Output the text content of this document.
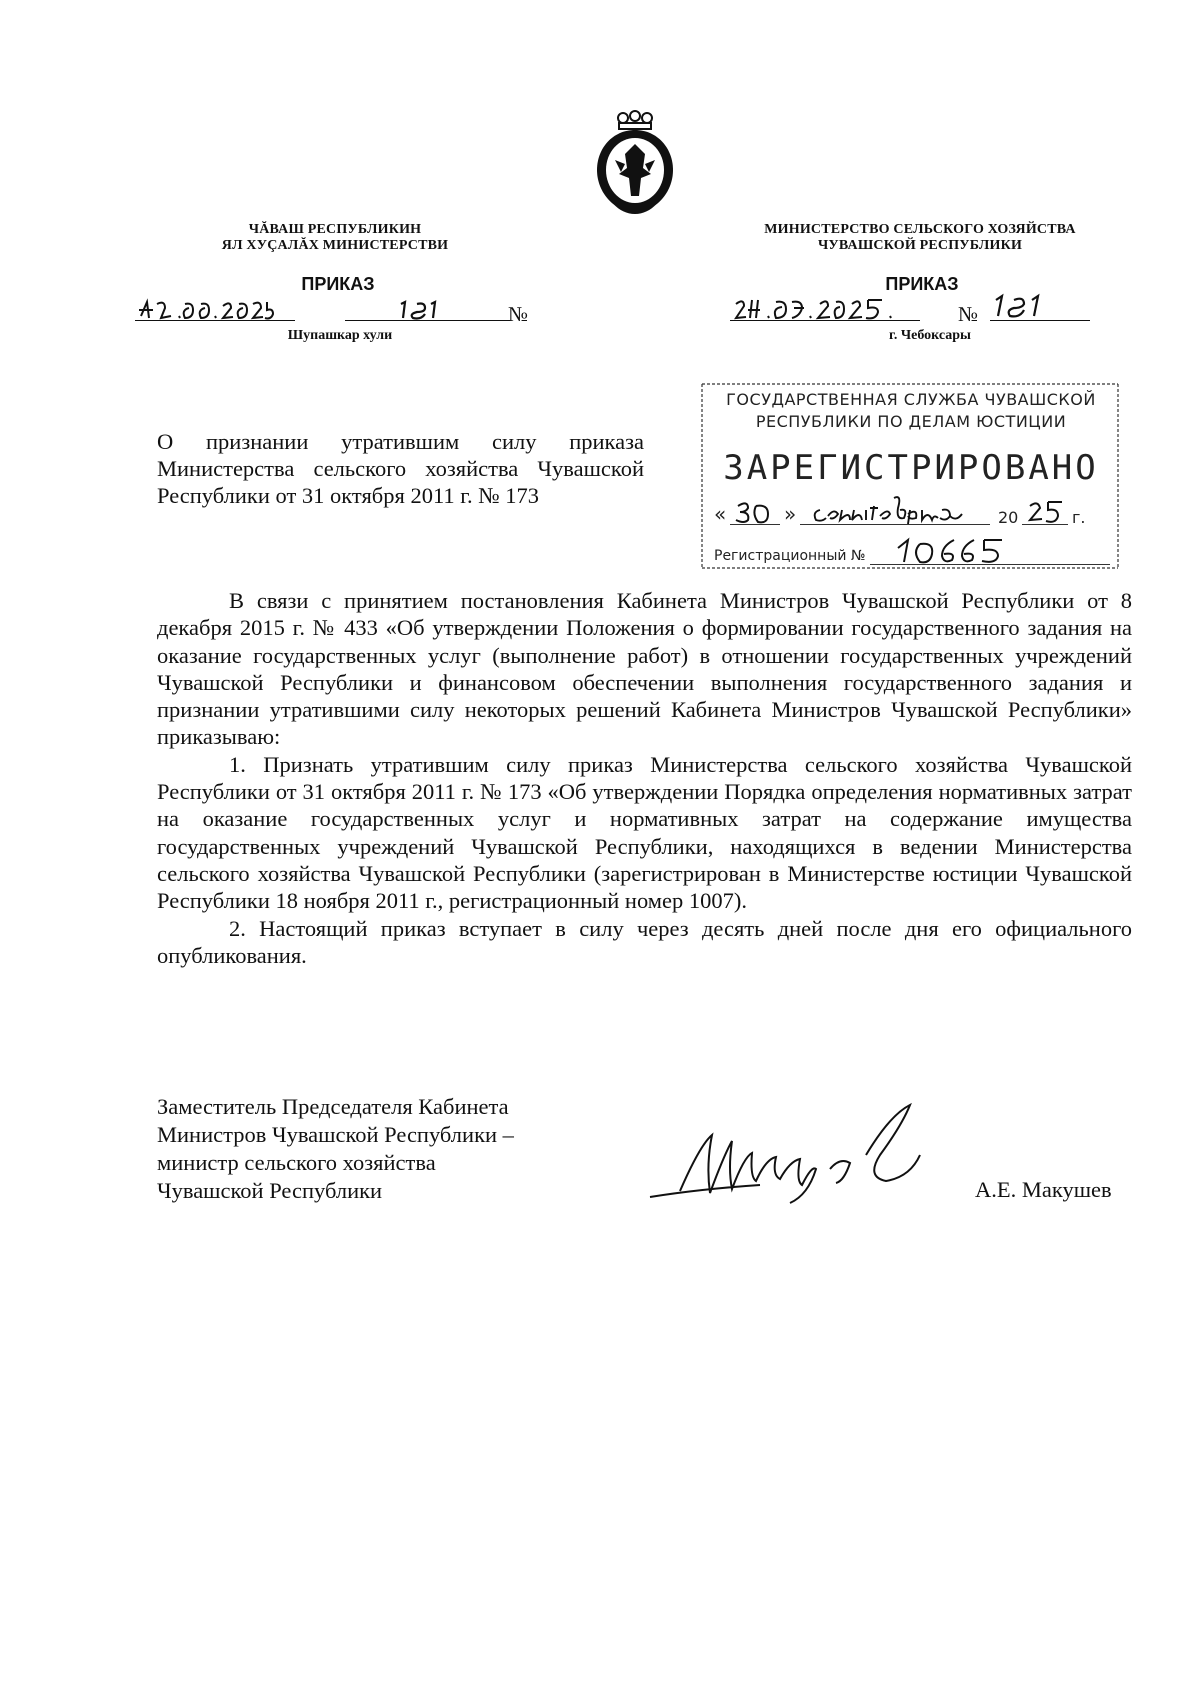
ЧĂВАШ РЕСПУБЛИКИН
ЯЛ ХУÇАЛĂХ МИНИСТЕРСТВИ
МИНИСТЕРСТВО СЕЛЬСКОГО ХОЗЯЙСТВА
ЧУВАШСКОЙ РЕСПУБЛИКИ
ПРИКАЗ	ПРИКАЗ
№
Шупашкар хули
№
г. Чебоксары
О признании утратившим силу приказа Министерства сельского хозяйства Чувашской Республики от 31 октября 2011 г. № 173
ГОСУДАРСТВЕННАЯ СЛУЖБА ЧУВАШСКОЙ
РЕСПУБЛИКИ ПО ДЕЛАМ ЮСТИЦИИ
ЗАРЕГИСТРИРОВАНО
«	»	20	г.
Регистрационный №

В связи с принятием постановления Кабинета Министров Чувашской Республики от 8 декабря 2015 г. № 433 «Об утверждении Положения о формировании государственного задания на оказание государственных услуг (выполнение работ) в отношении государственных учреждений Чувашской Республики и финансовом обеспечении выполнения государственного задания и признании утратившими силу некоторых решений Кабинета Министров Чувашской Республики» приказываю:

1. Признать утратившим силу приказ Министерства сельского хозяйства Чувашской Республики от 31 октября 2011 г. № 173 «Об утверждении Порядка определения нормативных затрат на оказание государственных услуг и нормативных затрат на содержание имущества государственных учреждений Чувашской Республики, находящихся в ведении Министерства сельского хозяйства Чувашской Республики (зарегистрирован в Министерстве юстиции Чувашской Республики 18 ноября 2011 г., регистрационный номер 1007).

2. Настоящий приказ вступает в силу через десять дней после дня его официального опубликования.

Заместитель Председателя Кабинета
Министров Чувашской Республики –
министр сельского хозяйства
Чувашской Республики	А.Е. Макушев
